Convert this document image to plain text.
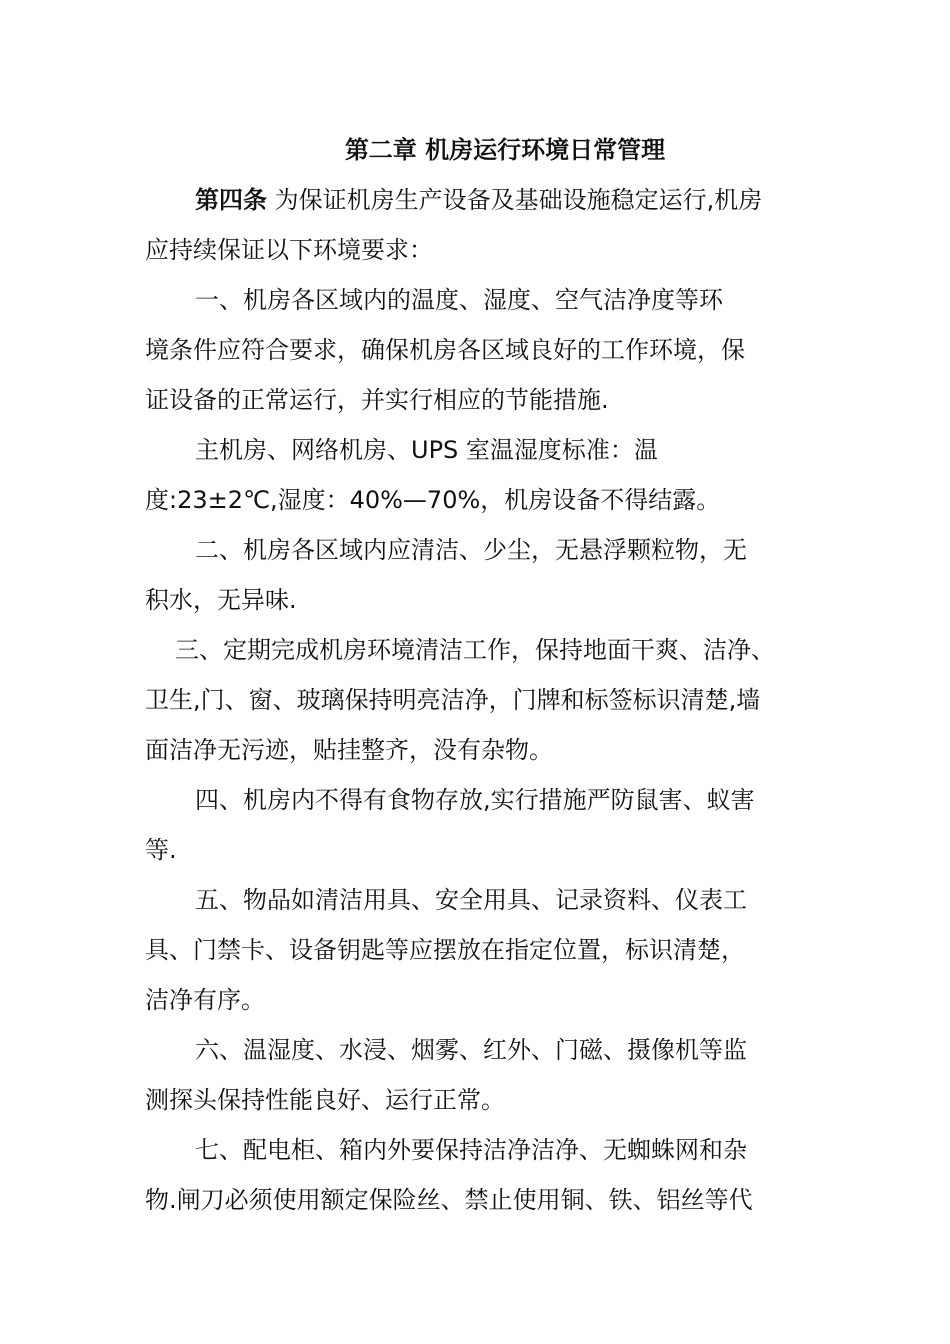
第二章 机房运行环境日常管理
第四条 为保证机房生产设备及基础设施稳定运行,机房
应持续保证以下环境要求：
一、机房各区域内的温度、湿度、空气洁净度等环
境条件应符合要求，确保机房各区域良好的工作环境，保
证设备的正常运行，并实行相应的节能措施.
主机房、网络机房、UPS 室温湿度标准：温
度:23±2℃,湿度：40%—70%，机房设备不得结露。
二、机房各区域内应清洁、少尘，无悬浮颗粒物，无
积水，无异味.
三、定期完成机房环境清洁工作，保持地面干爽、洁净、
卫生,门、窗、玻璃保持明亮洁净，门牌和标签标识清楚,墙
面洁净无污迹，贴挂整齐，没有杂物。
四、机房内不得有食物存放,实行措施严防鼠害、蚁害
等.
五、物品如清洁用具、安全用具、记录资料、仪表工
具、门禁卡、设备钥匙等应摆放在指定位置，标识清楚，
洁净有序。
六、温湿度、水浸、烟雾、红外、门磁、摄像机等监
测探头保持性能良好、运行正常。
七、配电柜、箱内外要保持洁净洁净、无蜘蛛网和杂
物.闸刀必须使用额定保险丝、禁止使用铜、铁、铝丝等代
